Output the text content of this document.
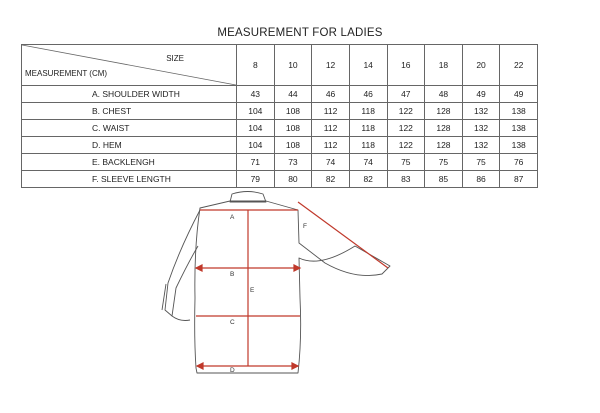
MEASUREMENT FOR LADIES
SIZE
MEASUREMENT (CM)	8	10	12	14	16	18	20	22
A. SHOULDER WIDTH	43	44	46	46	47	48	49	49
B. CHEST	104	108	112	118	122	128	132	138
C. WAIST	104	108	112	118	122	128	132	138
D. HEM	104	108	112	118	122	128	132	138
E. BACKLENGH	71	73	74	74	75	75	75	76
F. SLEEVE LENGTH	79	80	82	82	83	85	86	87
A
B
C
D
E
F
